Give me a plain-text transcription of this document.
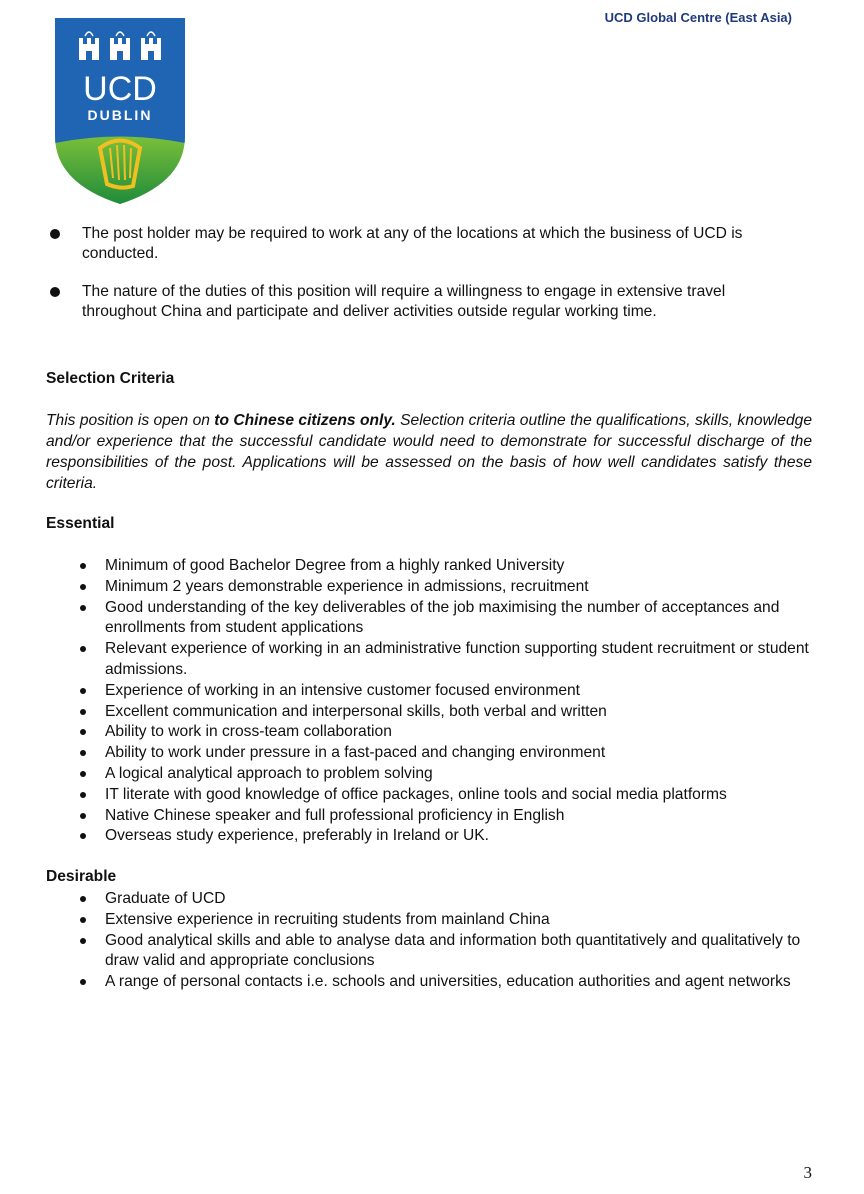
UCD Global Centre (East Asia)

UCD
DUBLIN
The post holder may be required to work at any of the locations at which the business of UCD is conducted.
The nature of the duties of this position will require a willingness to engage in extensive travel throughout China and participate and deliver activities outside regular working time.
Selection Criteria

This position is open on to Chinese citizens only. Selection criteria outline the qualifications, skills, knowledge and/or experience that the successful candidate would need to demonstrate for successful discharge of the responsibilities of the post. Applications will be assessed on the basis of how well candidates satisfy these criteria.

Essential
Minimum of good Bachelor Degree from a highly ranked University
Minimum 2 years demonstrable experience in admissions, recruitment
Good understanding of the key deliverables of the job maximising the number of acceptances and enrollments from student applications
Relevant experience of working in an administrative function supporting student recruitment or student admissions.
Experience of working in an intensive customer focused environment
Excellent communication and interpersonal skills, both verbal and written
Ability to work in cross-team collaboration
Ability to work under pressure in a fast-paced and changing environment
A logical analytical approach to problem solving
IT literate with good knowledge of office packages, online tools and social media platforms
Native Chinese speaker and full professional proficiency in English
Overseas study experience, preferably in Ireland or UK.
Desirable
Graduate of UCD
Extensive experience in recruiting students from mainland China
Good analytical skills and able to analyse data and information both quantitatively and qualitatively to draw valid and appropriate conclusions
A range of personal contacts i.e. schools and universities, education authorities and agent networks

3
